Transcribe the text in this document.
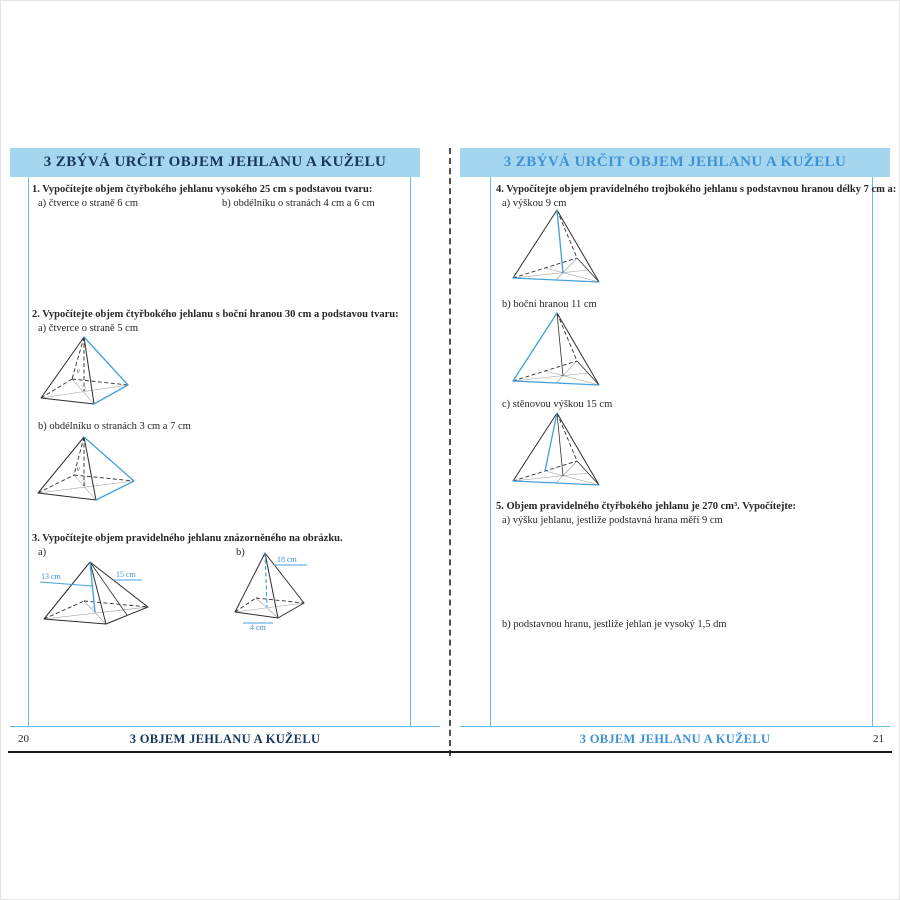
3 ZBÝVÁ URČIT OBJEM JEHLANU A KUŽELU
1. Vypočítejte objem čtyřbokého jehlanu vysokého 25 cm s podstavou tvaru:
a) čtverce o straně 6 cm	b) obdélníku o stranách 4 cm a 6 cm
2. Vypočítejte objem čtyřbokého jehlanu s boční hranou 30 cm a podstavou tvaru:
a) čtverce o straně 5 cm
v
b) obdélníku o stranách 3 cm a 7 cm
v
3. Vypočítejte objem pravidelného jehlanu znázorněného na obrázku.
a)	b)
13 cm	15 cm
18 cm
4 cm
20	3 OBJEM JEHLANU A KUŽELU
3 ZBÝVÁ URČIT OBJEM JEHLANU A KUŽELU
4. Vypočítejte objem pravidelného trojbokého jehlanu s podstavnou hranou délky 7 cm a:
a) výškou 9 cm
b) boční hranou 11 cm
c) stěnovou výškou 15 cm
5. Objem pravidelného čtyřbokého jehlanu je 270 cm³. Vypočítejte:
a) výšku jehlanu, jestliže podstavná hrana měří 9 cm
b) podstavnou hranu, jestliže jehlan je vysoký 1,5 dm
3 OBJEM JEHLANU A KUŽELU	21
